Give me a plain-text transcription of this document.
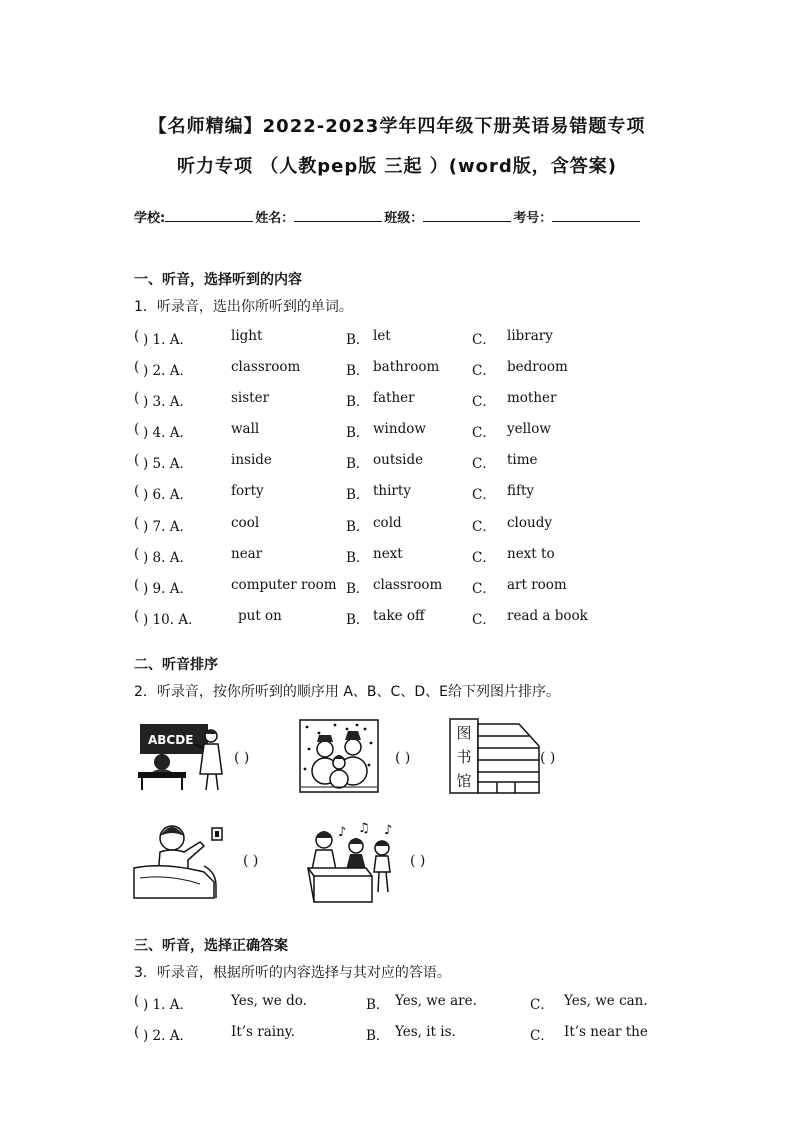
【名师精编】2022-2023学年四年级下册英语易错题专项
听力专项 （人教pep版 三起 ）(word版，含答案)
学校:	姓名：	班级：	考号：
一、听音，选择听到的内容
1．听录音，选出你所听到的单词。
( ) 1. A．	light	B． let	C． library
( ) 2. A．	classroom	B． bathroom C． bedroom
( ) 3. A．	sister	B． father	C． mother
( ) 4. A．	wall	B． window	C． yellow
( ) 5. A．	inside	B． outside	C． time
( ) 6. A．	forty	B． thirty	C． fifty
( ) 7. A．	cool	B． cold	C． cloudy
( ) 8. A．	near	B． next	C． next to
( ) 9. A．	computer room B． classroom C． art room
( ) 10. A．	put on	B． take off	C． read a book
二、听音排序
2．听录音，按你所听到的顺序用 A、B、C、D、E给下列图片排序。
ABCDE
( )	( )
图
书
馆
( )
( )
♪ ♫ ♪
( )
三、听音，选择正确答案
3．听录音，根据所听的内容选择与其对应的答语。
( ) 1. A．	Yes, we do.	B． Yes, we are.	C． Yes, we can.
( ) 2. A．	It’s rainy.	B． Yes, it is.	C． It’s near the
